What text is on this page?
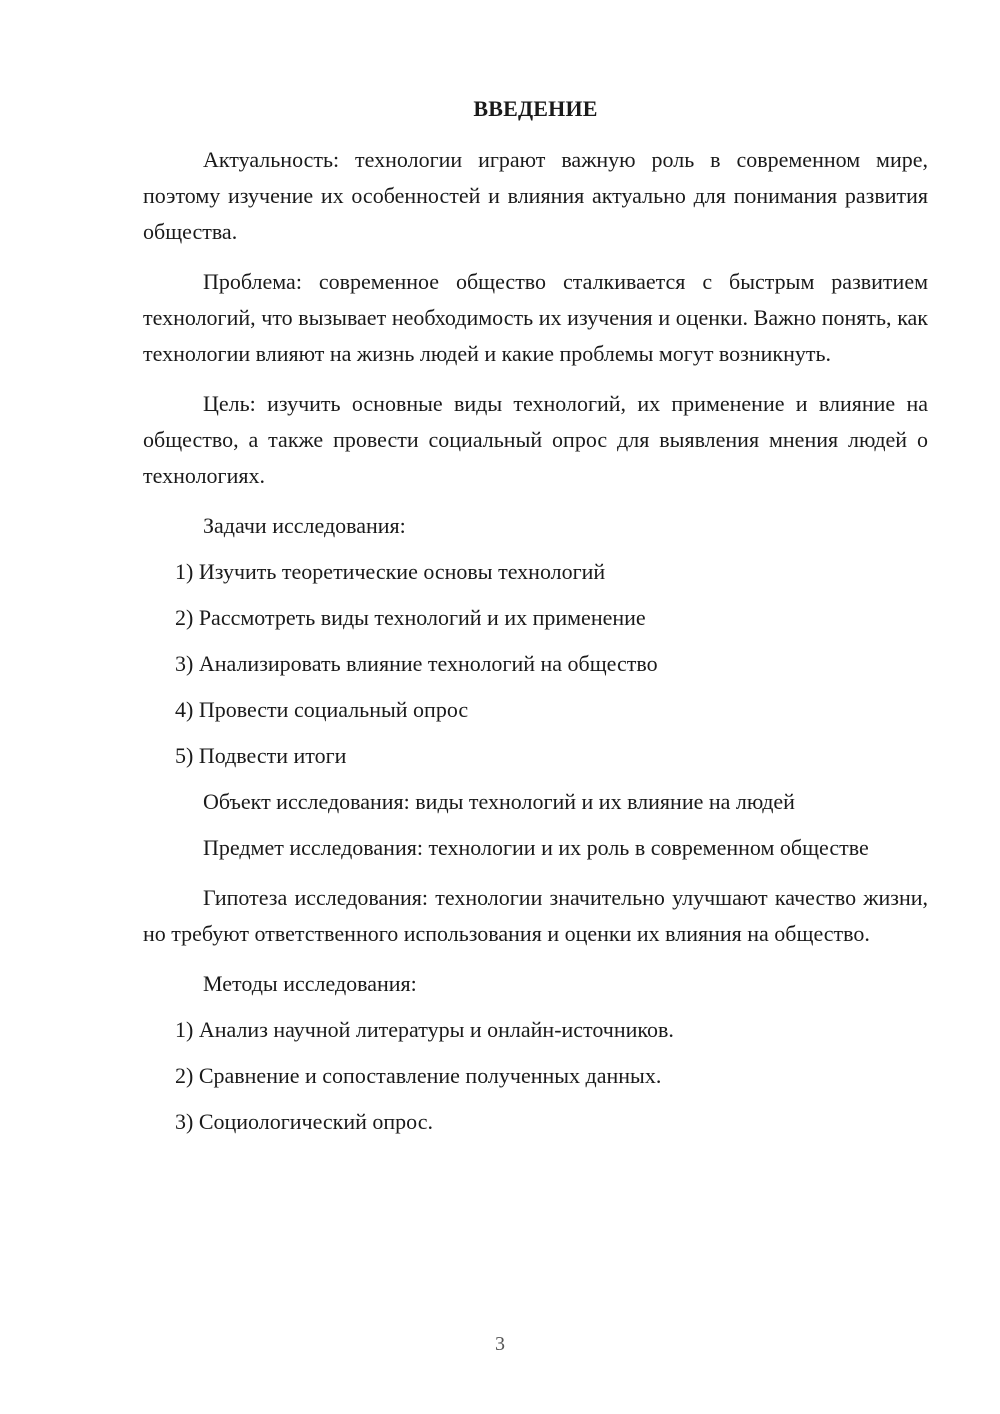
ВВЕДЕНИЕ

Актуальность: технологии играют важную роль в современном мире, поэтому изучение их особенностей и влияния актуально для понимания развития общества.

Проблема: современное общество сталкивается с быстрым развитием технологий, что вызывает необходимость их изучения и оценки. Важно понять, как технологии влияют на жизнь людей и какие проблемы могут возникнуть.

Цель: изучить основные виды технологий, их применение и влияние на общество, а также провести социальный опрос для выявления мнения людей о технологиях.

Задачи исследования:

1) Изучить теоретические основы технологий
2) Рассмотреть виды технологий и их применение
3) Анализировать влияние технологий на общество
4) Провести социальный опрос
5) Подвести итоги

Объект исследования: виды технологий и их влияние на людей

Предмет исследования: технологии и их роль в современном обществе

Гипотеза исследования: технологии значительно улучшают качество жизни, но требуют ответственного использования и оценки их влияния на общество.

Методы исследования:

1) Анализ научной литературы и онлайн-источников.
2) Сравнение и сопоставление полученных данных.
3) Социологический опрос.
3
